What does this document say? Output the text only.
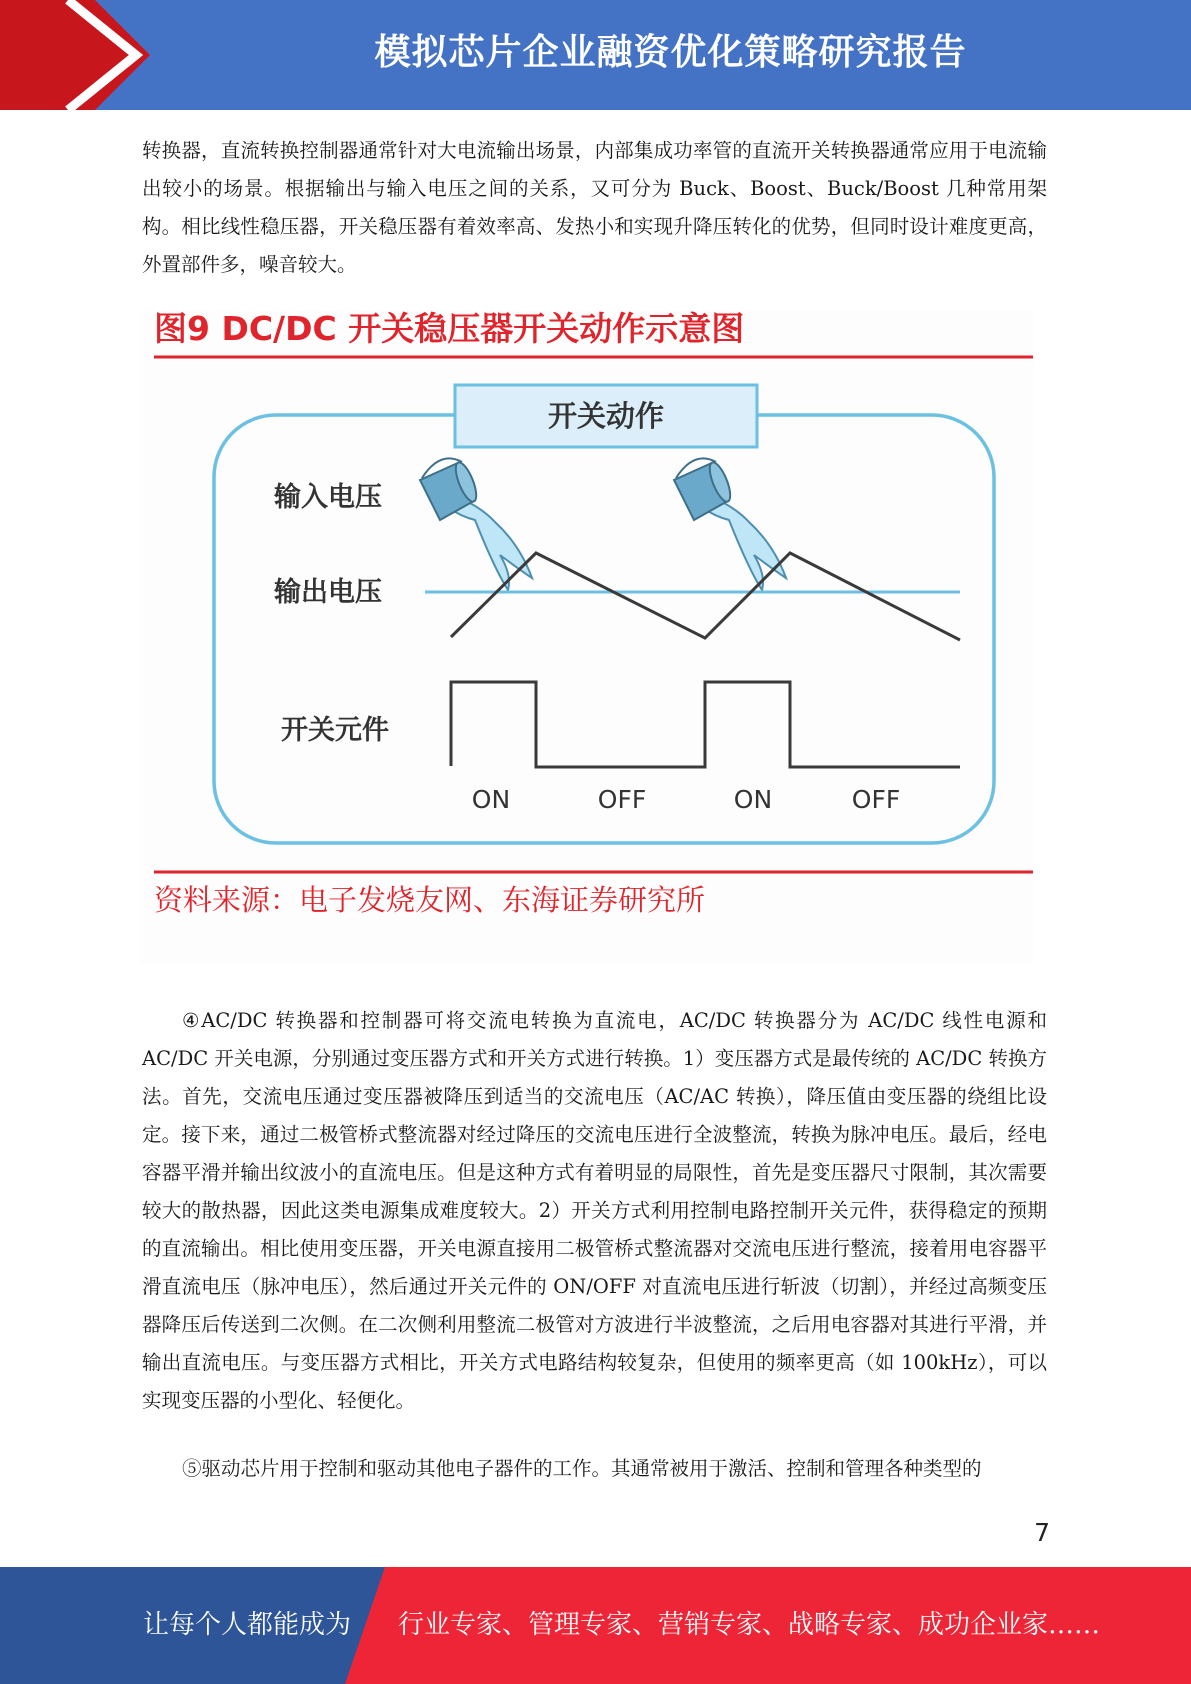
模拟芯片企业融资优化策略研究报告

转换器，直流转换控制器通常针对大电流输出场景，内部集成功率管的直流开关转换器通常应用于电流输出较小的场景。根据输出与输入电压之间的关系，又可分为 Buck、Boost、Buck/Boost 几种常用架构。相比线性稳压器，开关稳压器有着效率高、发热小和实现升降压转化的优势，但同时设计难度更高，外置部件多，噪音较大。

图9 DC/DC 开关稳压器开关动作示意图
开关动作
输入电压
输出电压
开关元件
ON	OFF	ON	OFF
资料来源：电子发烧友网、东海证券研究所

④AC/DC 转换器和控制器可将交流电转换为直流电，AC/DC 转换器分为 AC/DC 线性电源和 AC/DC 开关电源，分别通过变压器方式和开关方式进行转换。1）变压器方式是最传统的 AC/DC 转换方法。首先，交流电压通过变压器被降压到适当的交流电压（AC/AC 转换），降压值由变压器的绕组比设定。接下来，通过二极管桥式整流器对经过降压的交流电压进行全波整流，转换为脉冲电压。最后，经电容器平滑并输出纹波小的直流电压。但是这种方式有着明显的局限性，首先是变压器尺寸限制，其次需要较大的散热器，因此这类电源集成难度较大。2）开关方式利用控制电路控制开关元件，获得稳定的预期的直流输出。相比使用变压器，开关电源直接用二极管桥式整流器对交流电压进行整流，接着用电容器平滑直流电压（脉冲电压），然后通过开关元件的 ON/OFF 对直流电压进行斩波（切割），并经过高频变压器降压后传送到二次侧。在二次侧利用整流二极管对方波进行半波整流，之后用电容器对其进行平滑，并输出直流电压。与变压器方式相比，开关方式电路结构较复杂，但使用的频率更高（如 100kHz），可以实现变压器的小型化、轻便化。

⑤驱动芯片用于控制和驱动其他电子器件的工作。其通常被用于激活、控制和管理各种类型的

7
让每个人都能成为 行业专家、管理专家、营销专家、战略专家、成功企业家……
